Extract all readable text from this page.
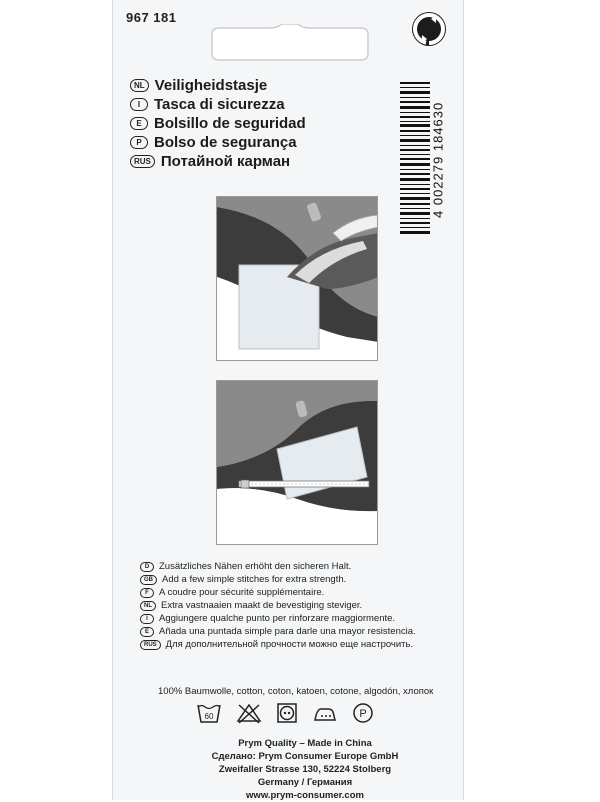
967 181
NL Veiligheidstasje
I Tasca di sicurezza
E Bolsillo de seguridad
P Bolso de segurança
RUS Потайной карман	4 002279 184630
D	Zusätzliches Nähen erhöht den sicheren Halt.
GB Add a few simple stitches for extra strength.
F	A coudre pour sécurité supplémentaire.
NL Extra vastnaaien maakt de bevestiging steviger.
I	Aggiungere qualche punto per rinforzare maggiormente.
E	Añada una puntada simple para darle una mayor resistencia.
RUS Для дополнительной прочности можно еще настрочить.
100% Baumwolle, cotton, coton, katoen, cotone, algodón, хлопок
60	P
Prym Quality – Made in China
Сделано: Prym Consumer Europe GmbH
Zweifaller Strasse 130, 52224 Stolberg
Germany / Германия
www.prym-consumer.com
